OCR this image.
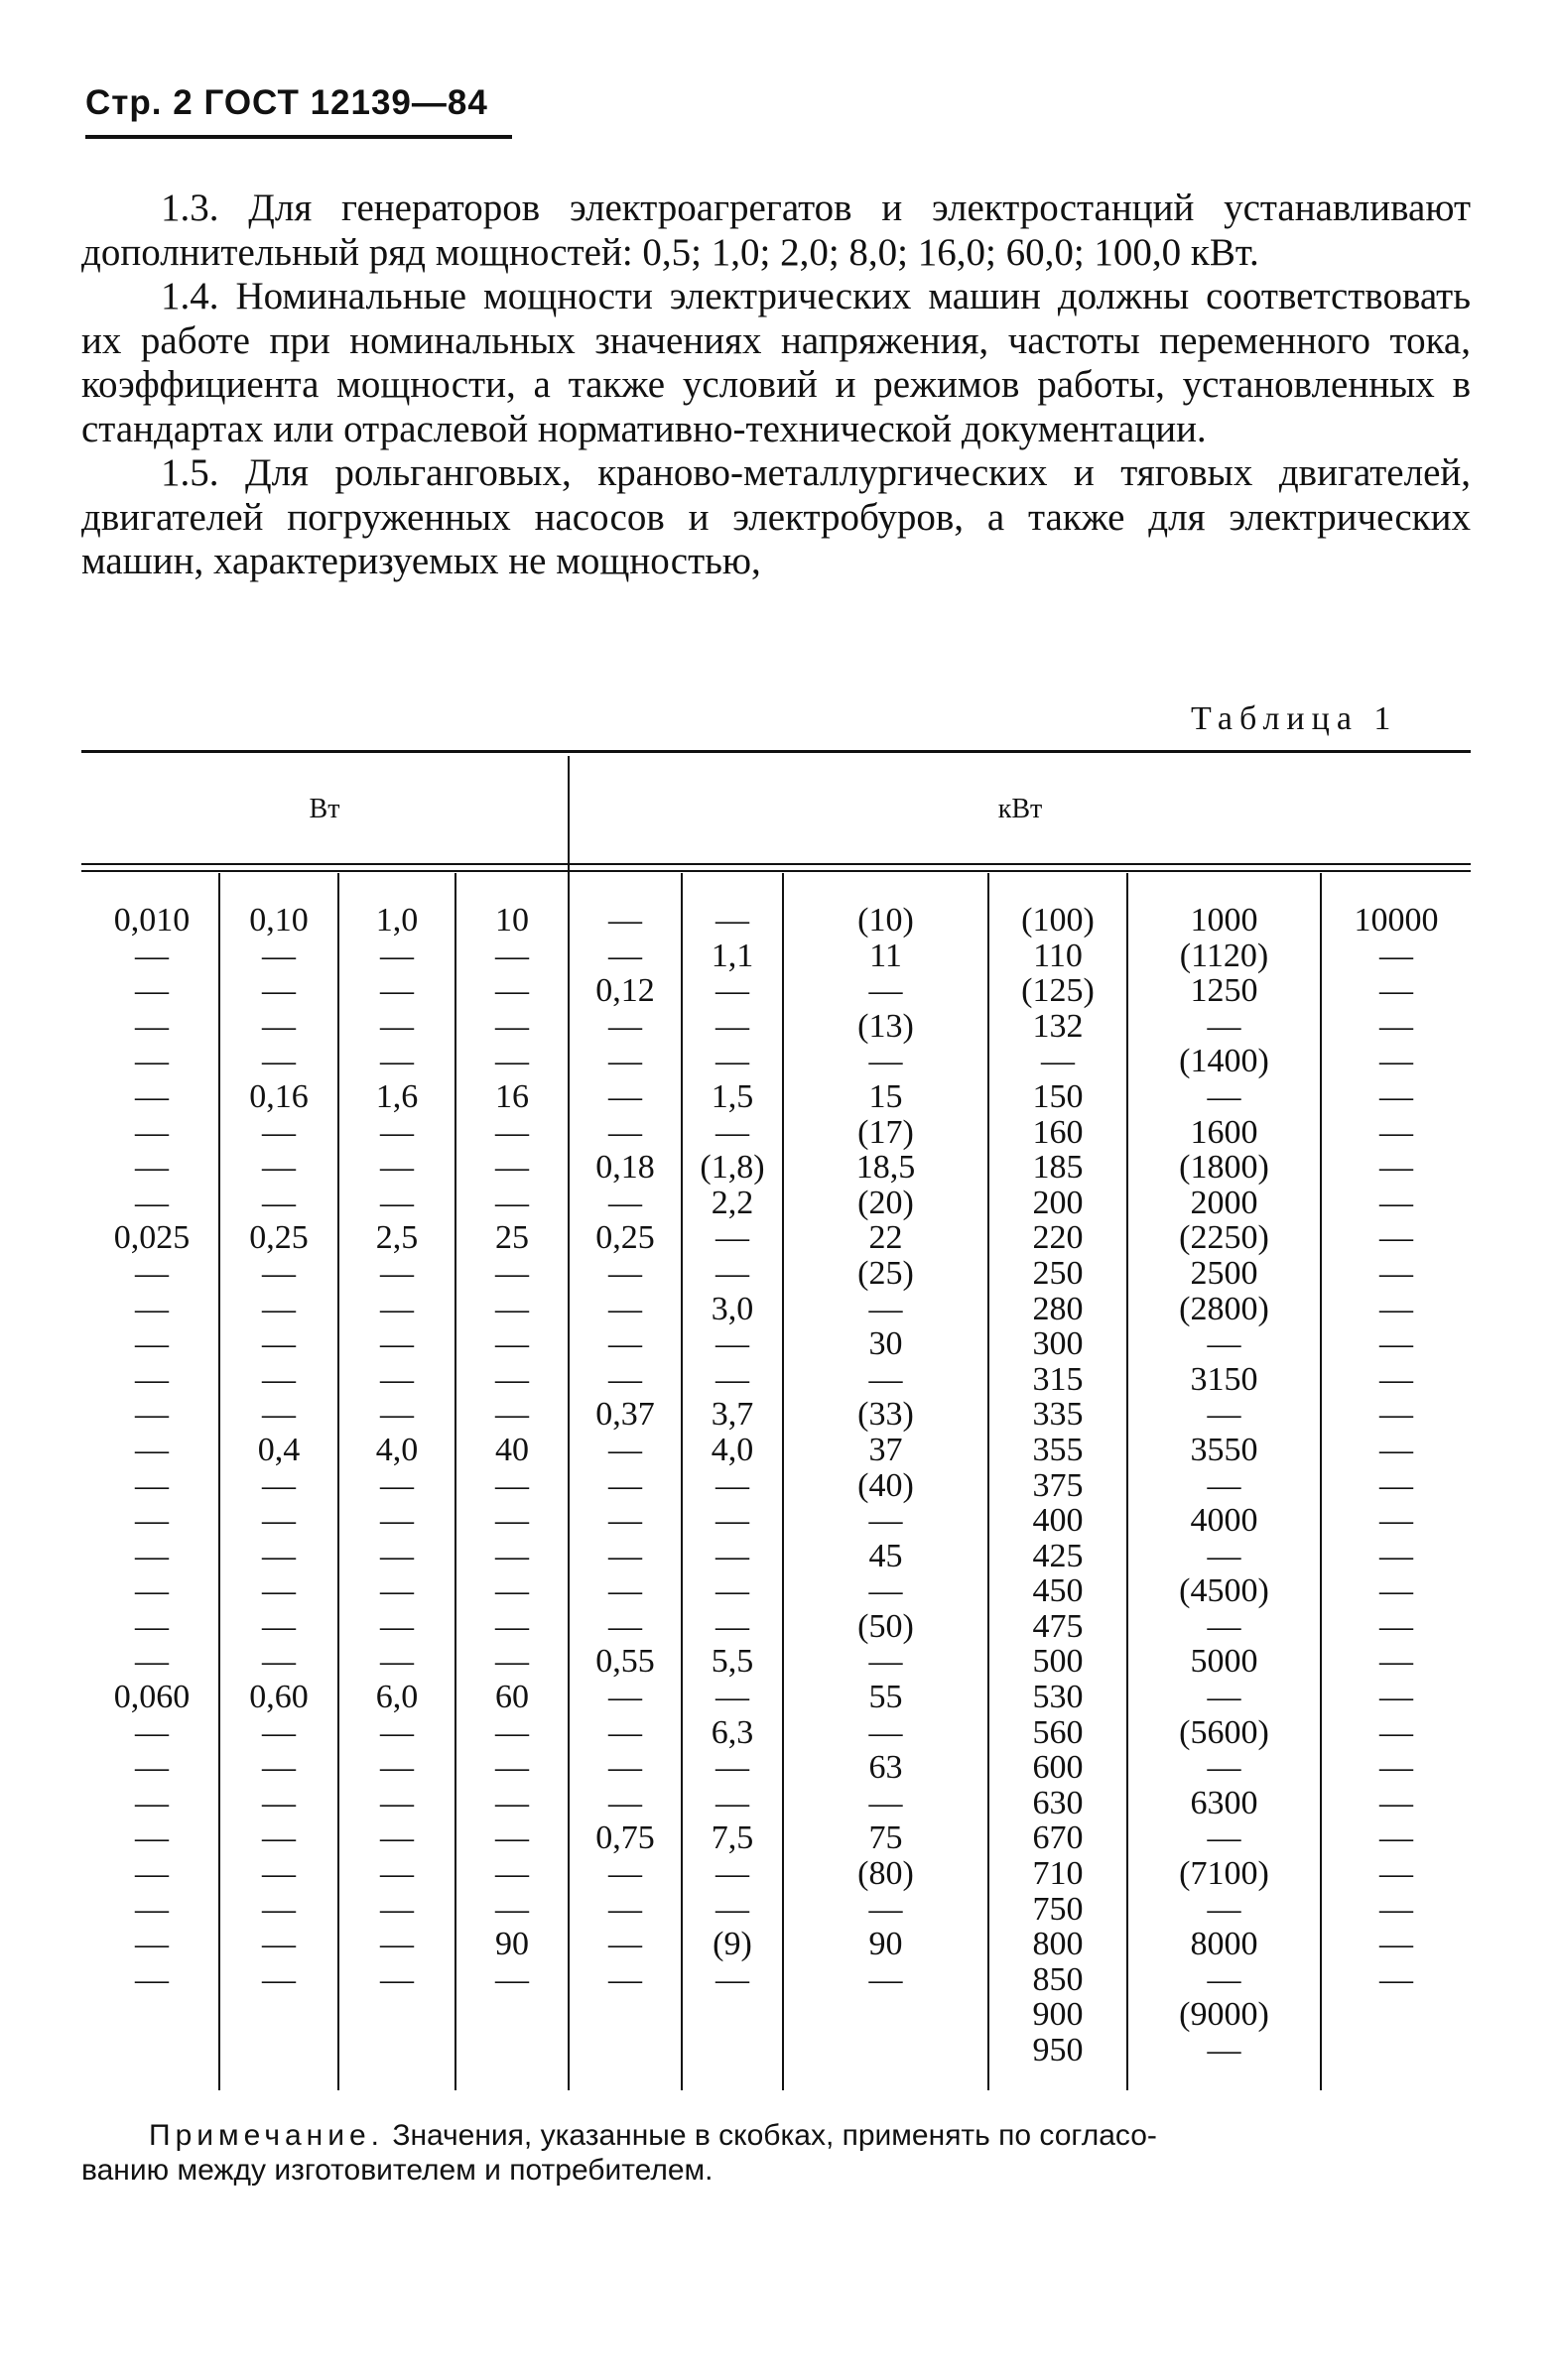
Стр. 2 ГОСТ 12139—84

1.3. Для генераторов электроагрегатов и электростанций устанавливают дополнительный ряд мощностей: 0,5; 1,0; 2,0; 8,0; 16,0; 60,0; 100,0 кВт.

1.4. Номинальные мощности электрических машин должны соответствовать их работе при номинальных значениях напряжения, частоты переменного тока, коэффициента мощности, а также условий и режимов работы, установленных в стандартах или отраслевой нормативно-технической документации.

1.5. Для рольганговых, краново-металлургических и тяговых двигателей, двигателей погруженных насосов и электробуров, а также для электрических машин, характеризуемых не мощностью,

Таблица 1
Вт	кВт
0,010
—
—
—
—
—
—
—
—
0,025
—
—
—
—
—
—
—
—
—
—
—
—
0,060
—
—
—
—
—
—
—
—
0,10
—
—
—
—
0,16
—
—
—
0,25
—
—
—
—
—
0,4
—
—
—
—
—
—
0,60
—
—
—
—
—
—
—
—
1,0
—
—
—
—
1,6
—
—
—
2,5
—
—
—
—
—
4,0
—
—
—
—
—
—
6,0
—
—
—
—
—
—
—
—
10
—
—
—
—
16
—
—
—
25
—
—
—
—
—
40
—
—
—
—
—
—
60
—
—
—
—
—
—
90
—
—
—
0,12
—
—
—
—
0,18
—
0,25
—
—
—
—
0,37
—
—
—
—
—
—
0,55
—
—
—
—
0,75
—
—
—
—
—
1,1
—
—
—
1,5
—
(1,8)
2,2
—
—
3,0
—
—
3,7
4,0
—
—
—
—
—
5,5
—
6,3
—
—
7,5
—
—
(9)
—
(10)
11
—
(13)
—
15
(17)
18,5
(20)
22
(25)
—
30
—
(33)
37
(40)
—
45
—
(50)
—
55
—
63
—
75
(80)
—
90
—
(100)
110
(125)
132
—
150
160
185
200
220
250
280
300
315
335
355
375
400
425
450
475
500
530
560
600
630
670
710
750
800
850
900
950
1000
(1120)
1250
—
(1400)
—
1600
(1800)
2000
(2250)
2500
(2800)
—
3150
—
3550
—
4000
—
(4500)
—
5000
—
(5600)
—
6300
—
(7100)
—
8000
—
(9000)
—
10000
—
—
—
—
—
—
—
—
—
—
—
—
—
—
—
—
—
—
—
—
—
—
—
—
—
—
—
—
—
—
Примечание. Значения, указанные в скобках, применять по согласо-
ванию между изготовителем и потребителем.
